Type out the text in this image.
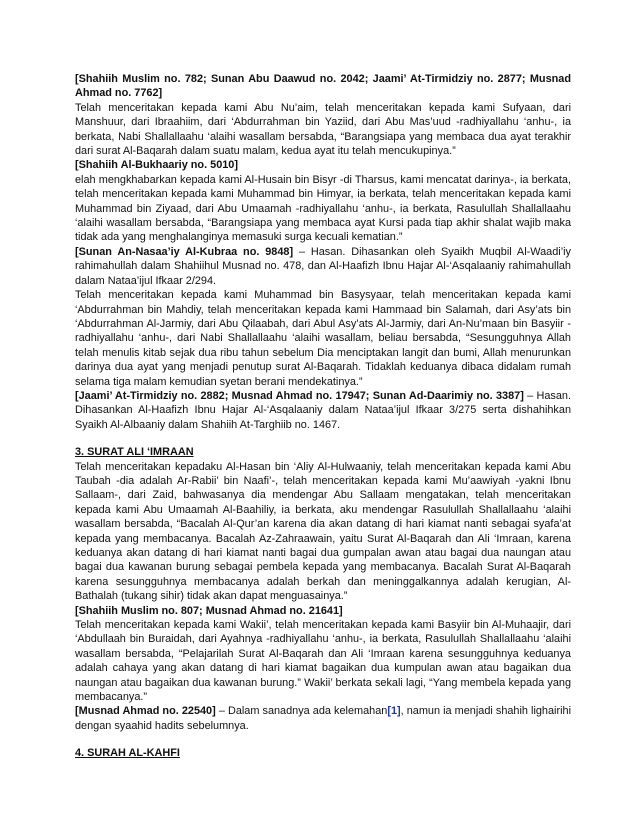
[Shahiih Muslim no. 782; Sunan Abu Daawud no. 2042; Jaami’ At-Tirmidziy no. 2877; Musnad Ahmad no. 7762]

Telah menceritakan kepada kami Abu Nu’aim, telah menceritakan kepada kami Sufyaan, dari Manshuur, dari Ibraahiim, dari ‘Abdurrahman bin Yaziid, dari Abu Mas’uud -radhiyallahu ‘anhu-, ia berkata, Nabi Shallallaahu ‘alaihi wasallam bersabda, “Barangsiapa yang membaca dua ayat terakhir dari surat Al-Baqarah dalam suatu malam, kedua ayat itu telah mencukupinya.”

[Shahiih Al-Bukhaariy no. 5010]

elah mengkhabarkan kepada kami Al-Husain bin Bisyr -di Tharsus, kami mencatat darinya-, ia berkata, telah menceritakan kepada kami Muhammad bin Himyar, ia berkata, telah menceritakan kepada kami Muhammad bin Ziyaad, dari Abu Umaamah -radhiyallahu ‘anhu-, ia berkata, Rasulullah Shallallaahu ‘alaihi wasallam bersabda, “Barangsiapa yang membaca ayat Kursi pada tiap akhir shalat wajib maka tidak ada yang menghalanginya memasuki surga kecuali kematian.”

[Sunan An-Nasaa’iy Al-Kubraa no. 9848] – Hasan. Dihasankan oleh Syaikh Muqbil Al-Waadi’iy rahimahullah dalam Shahiihul Musnad no. 478, dan Al-Haafizh Ibnu Hajar Al-‘Asqalaaniy rahimahullah dalam Nataa’ijul Ifkaar 2/294.

Telah menceritakan kepada kami Muhammad bin Basysyaar, telah menceritakan kepada kami ‘Abdurrahman bin Mahdiy, telah menceritakan kepada kami Hammaad bin Salamah, dari Asy’ats bin ‘Abdurrahman Al-Jarmiy, dari Abu Qilaabah, dari Abul Asy’ats Al-Jarmiy, dari An-Nu’maan bin Basyiir -radhiyallahu ‘anhu-, dari Nabi Shallallaahu ‘alaihi wasallam, beliau bersabda, “Sesungguhnya Allah telah menulis kitab sejak dua ribu tahun sebelum Dia menciptakan langit dan bumi, Allah menurunkan darinya dua ayat yang menjadi penutup surat Al-Baqarah. Tidaklah keduanya dibaca didalam rumah selama tiga malam kemudian syetan berani mendekatinya.”

[Jaami’ At-Tirmidziy no. 2882; Musnad Ahmad no. 17947; Sunan Ad-Daarimiy no. 3387] – Hasan. Dihasankan Al-Haafizh Ibnu Hajar Al-‘Asqalaaniy dalam Nataa’ijul Ifkaar 3/275 serta dishahihkan Syaikh Al-Albaaniy dalam Shahiih At-Targhiib no. 1467.

3. SURAT ALI ‘IMRAAN

Telah menceritakan kepadaku Al-Hasan bin ‘Aliy Al-Hulwaaniy, telah menceritakan kepada kami Abu Taubah -dia adalah Ar-Rabii’ bin Naafi’-, telah menceritakan kepada kami Mu’aawiyah -yakni Ibnu Sallaam-, dari Zaid, bahwasanya dia mendengar Abu Sallaam mengatakan, telah menceritakan kepada kami Abu Umaamah Al-Baahiliy, ia berkata, aku mendengar Rasulullah Shallallaahu ‘alaihi wasallam bersabda, “Bacalah Al-Qur’an karena dia akan datang di hari kiamat nanti sebagai syafa’at kepada yang membacanya. Bacalah Az-Zahraawain, yaitu Surat Al-Baqarah dan Ali ‘Imraan, karena keduanya akan datang di hari kiamat nanti bagai dua gumpalan awan atau bagai dua naungan atau bagai dua kawanan burung sebagai pembela kepada yang membacanya. Bacalah Surat Al-Baqarah karena sesungguhnya membacanya adalah berkah dan meninggalkannya adalah kerugian, Al-Bathalah (tukang sihir) tidak akan dapat menguasainya.”

[Shahiih Muslim no. 807; Musnad Ahmad no. 21641]

Telah menceritakan kepada kami Wakii’, telah menceritakan kepada kami Basyiir bin Al-Muhaajir, dari ‘Abdullaah bin Buraidah, dari Ayahnya -radhiyallahu ‘anhu-, ia berkata, Rasulullah Shallallaahu ‘alaihi wasallam bersabda, “Pelajarilah Surat Al-Baqarah dan Ali ‘Imraan karena sesungguhnya keduanya adalah cahaya yang akan datang di hari kiamat bagaikan dua kumpulan awan atau bagaikan dua naungan atau bagaikan dua kawanan burung.” Wakii’ berkata sekali lagi, “Yang membela kepada yang membacanya.”

[Musnad Ahmad no. 22540] – Dalam sanadnya ada kelemahan[1], namun ia menjadi shahih lighairihi dengan syaahid hadits sebelumnya.

4. SURAH AL-KAHFI
